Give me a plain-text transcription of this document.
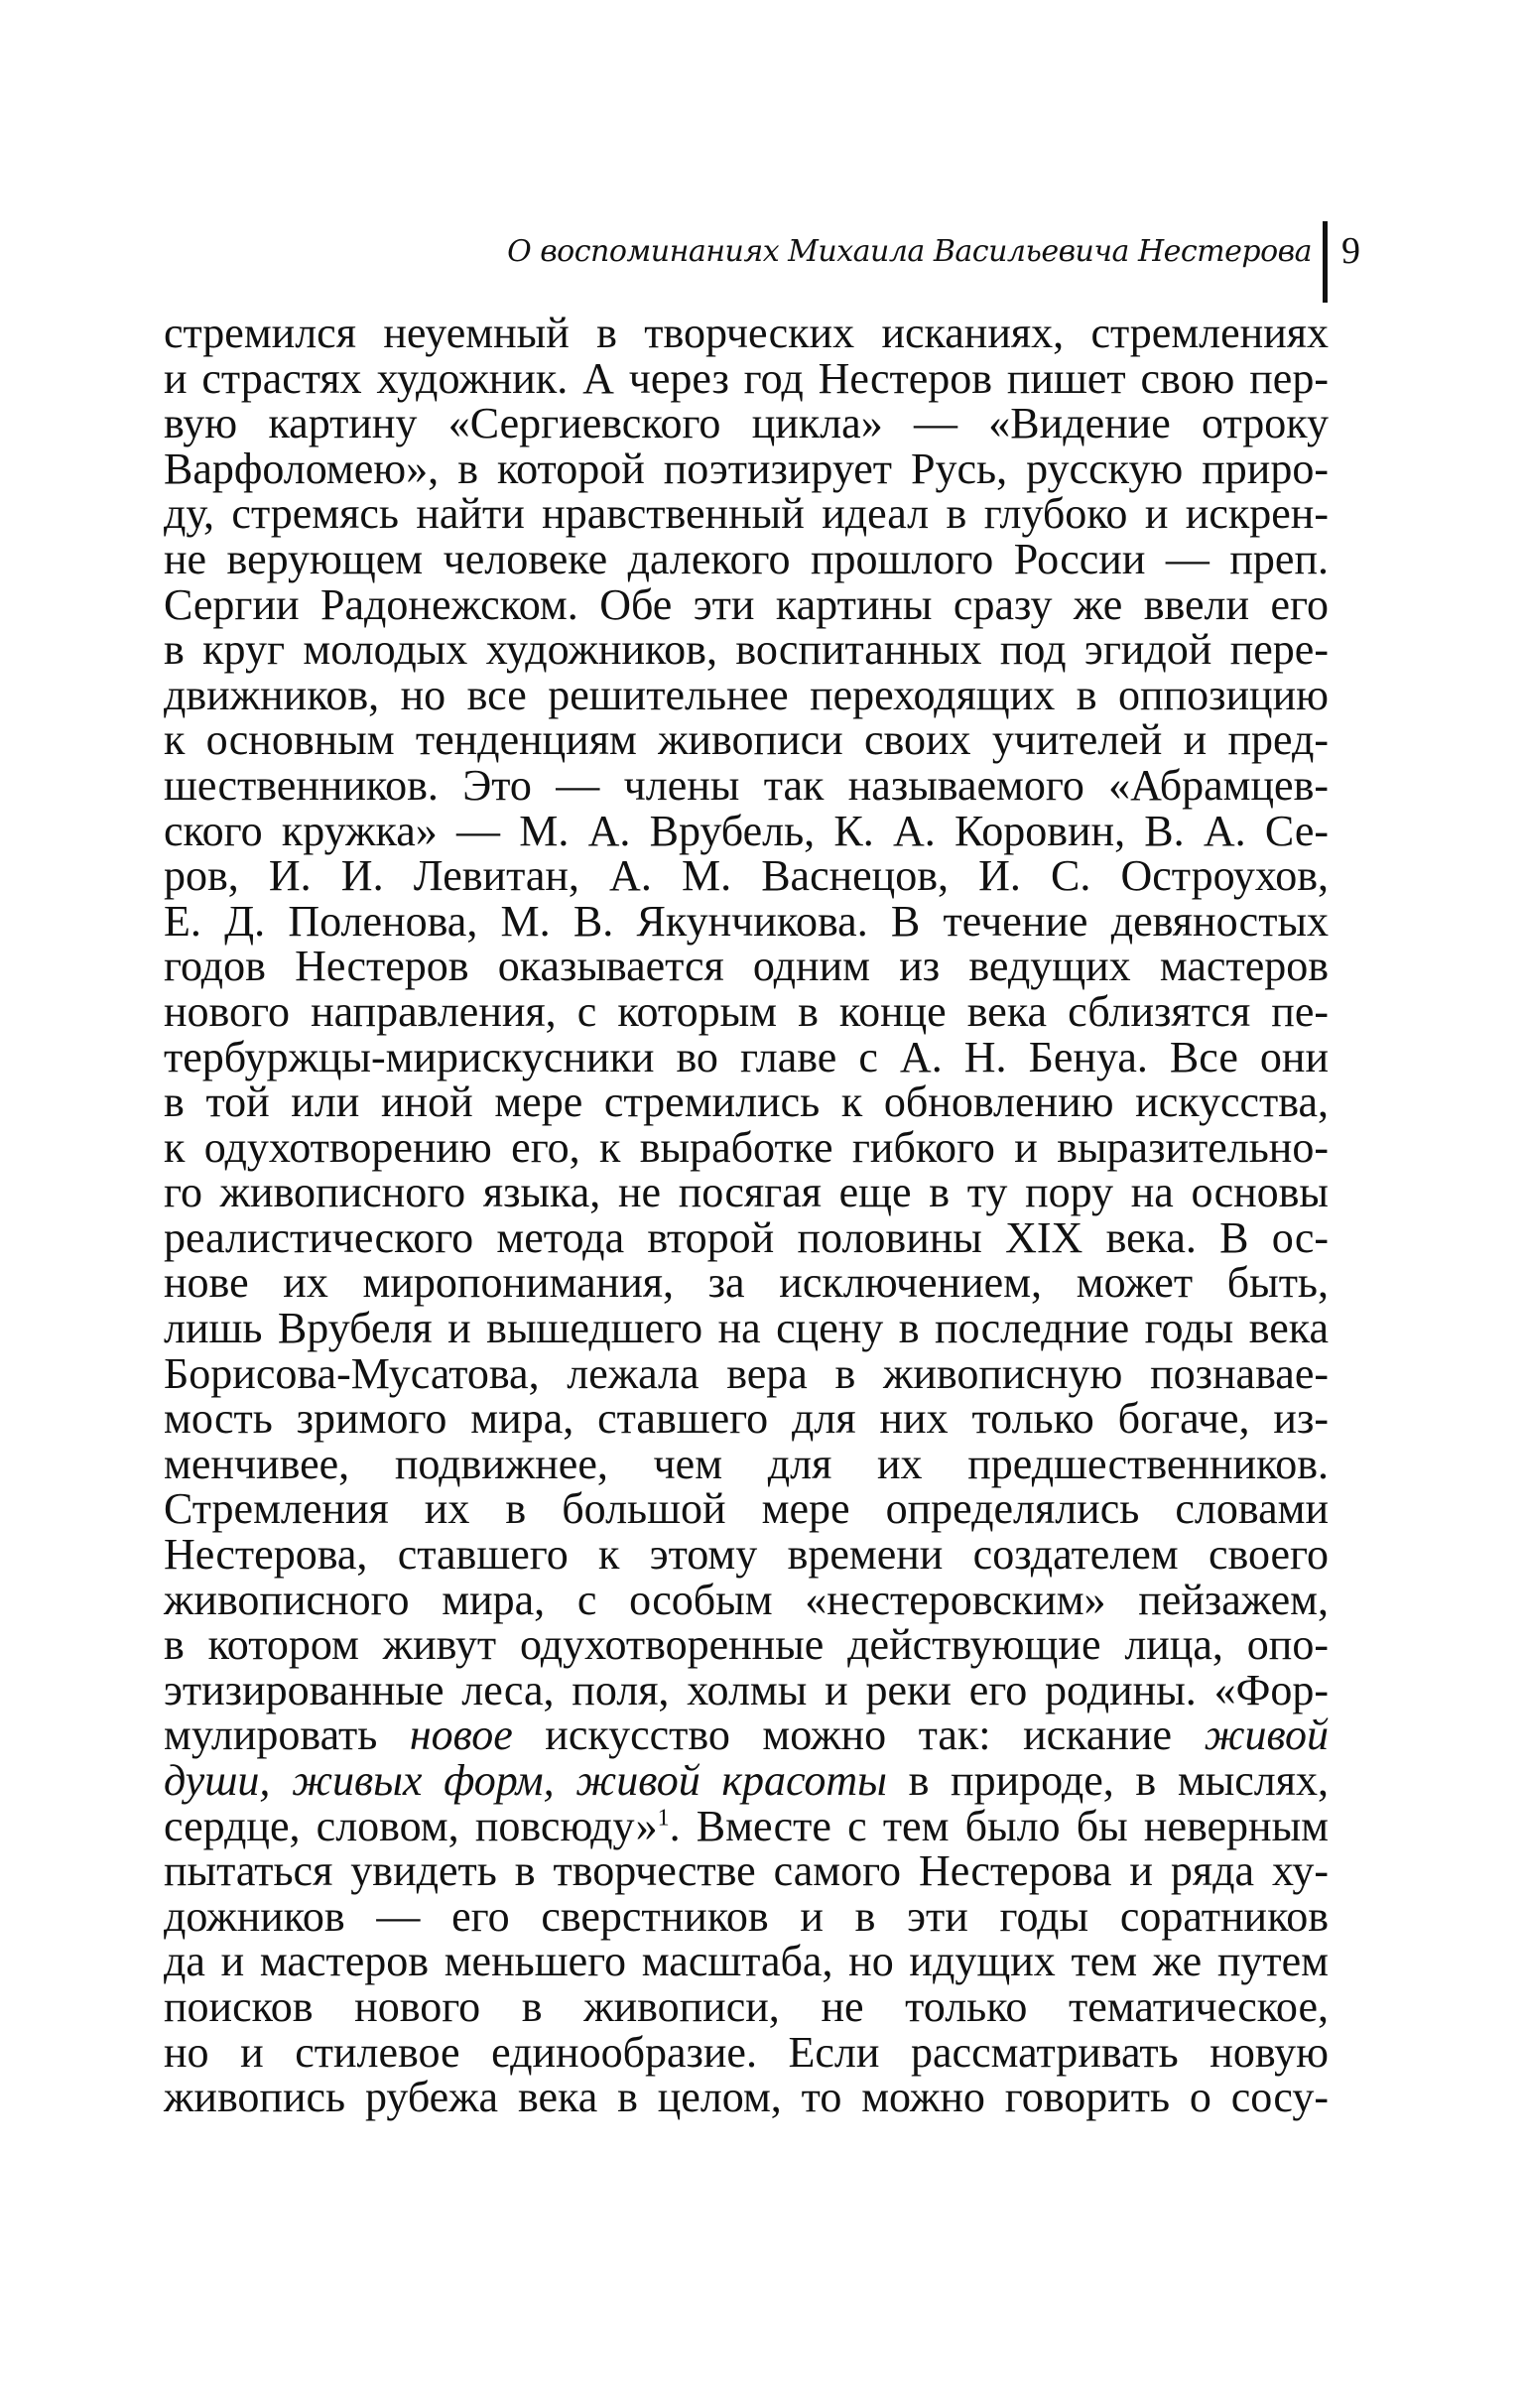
О воспоминаниях Михаила Васильевича Нестерова 9
стремился неуемный в творческих исканиях, стремлениях
и страстях художник. А через год Нестеров пишет свою пер-
вую картину «Сергиевского цикла» — «Видение отроку
Варфоломею», в которой поэтизирует Русь, русскую приро-
ду, стремясь найти нравственный идеал в глубоко и искрен-
не верующем человеке далекого прошлого России — преп.
Сергии Радонежском. Обе эти картины сразу же ввели его
в круг молодых художников, воспитанных под эгидой пере-
движников, но все решительнее переходящих в оппозицию
к основным тенденциям живописи своих учителей и пред-
шественников. Это — члены так называемого «Абрамцев-
ского кружка» — М. А. Врубель, К. А. Коровин, В. А. Се-
ров, И. И. Левитан, А. М. Васнецов, И. С. Остроухов,
Е. Д. Поленова, М. В. Якунчикова. В течение девяностых
годов Нестеров оказывается одним из ведущих мастеров
нового направления, с которым в конце века сблизятся пе-
тербуржцы-мирискусники во главе с А. Н. Бенуа. Все они
в той или иной мере стремились к обновлению искусства,
к одухотворению его, к выработке гибкого и выразительно-
го живописного языка, не посягая еще в ту пору на основы
реалистического метода второй половины XIX века. В ос-
нове их миропонимания, за исключением, может быть,
лишь Врубеля и вышедшего на сцену в последние годы века
Борисова-Мусатова, лежала вера в живописную познавае-
мость зримого мира, ставшего для них только богаче, из-
менчивее, подвижнее, чем для их предшественников.
Стремления их в большой мере определялись словами
Нестерова, ставшего к этому времени создателем своего
живописного мира, с особым «нестеровским» пейзажем,
в котором живут одухотворенные действующие лица, опо-
этизированные леса, поля, холмы и реки его родины. «Фор-
мулировать новое искусство можно так: искание живой
души, живых форм, живой красоты в природе, в мыслях,
сердце, словом, повсюду»$^1$. Вместе с тем было бы неверным
пытаться увидеть в творчестве самого Нестерова и ряда ху-
дожников — его сверстников и в эти годы соратников
да и мастеров меньшего масштаба, но идущих тем же путем
поисков нового в живописи, не только тематическое,
но и стилевое единообразие. Если рассматривать новую
живопись рубежа века в целом, то можно говорить о сосу-
